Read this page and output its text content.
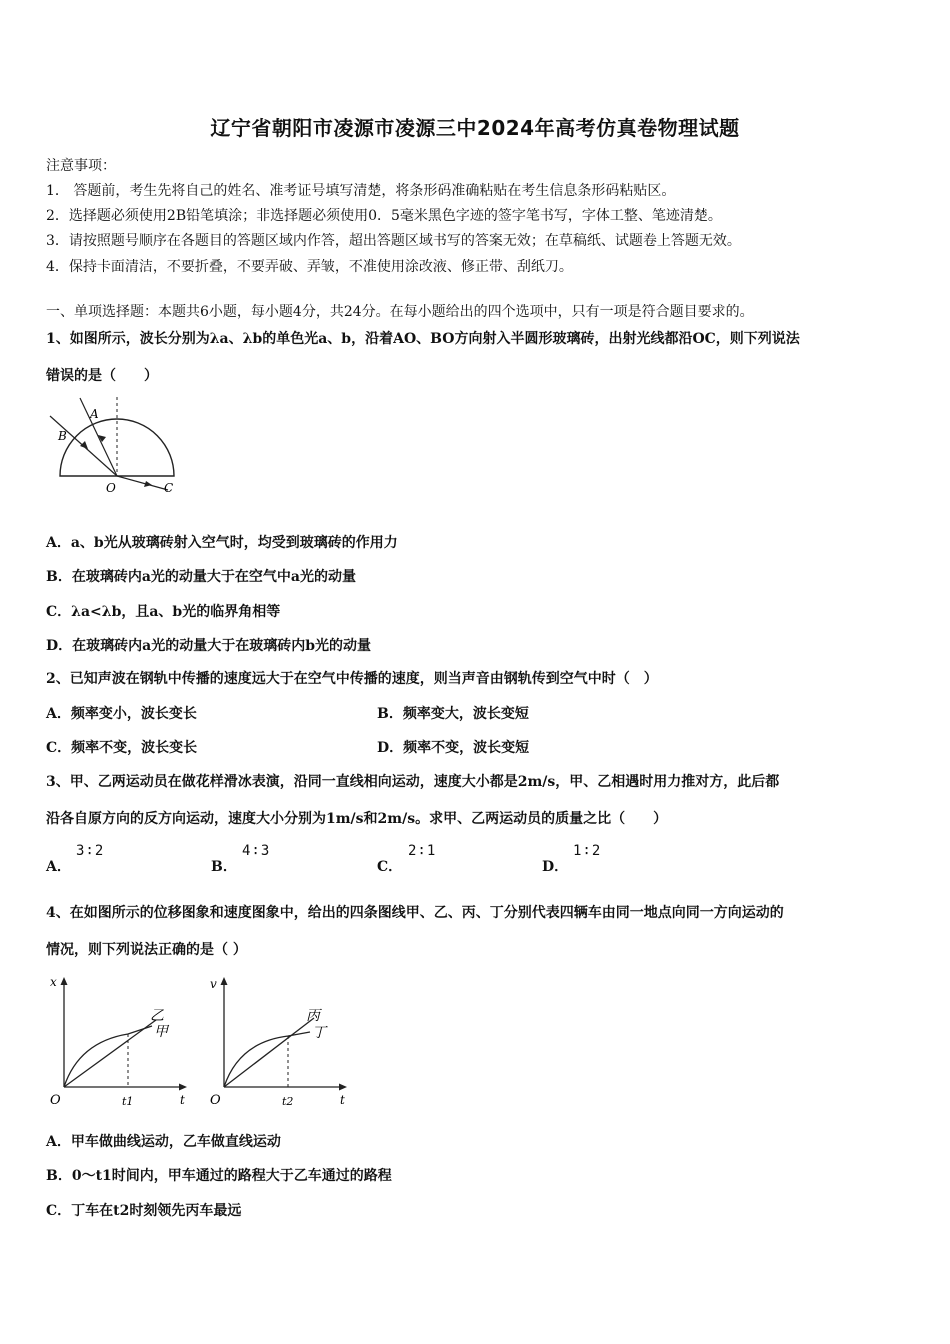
辽宁省朝阳市凌源市凌源三中2024年高考仿真卷物理试题
注意事项：
1． 答题前，考生先将自己的姓名、准考证号填写清楚，将条形码准确粘贴在考生信息条形码粘贴区。
2．选择题必须使用2B铅笔填涂；非选择题必须使用0．5毫米黑色字迹的签字笔书写，字体工整、笔迹清楚。
3．请按照题号顺序在各题目的答题区域内作答，超出答题区域书写的答案无效；在草稿纸、试题卷上答题无效。
4．保持卡面清洁，不要折叠，不要弄破、弄皱，不准使用涂改液、修正带、刮纸刀。
一、单项选择题：本题共6小题，每小题4分，共24分。在每小题给出的四个选项中，只有一项是符合题目要求的。
1、如图所示，波长分别为λa、λb的单色光a、b，沿着AO、BO方向射入半圆形玻璃砖，出射光线都沿OC，则下列说法
错误的是（　　）
A
B
O	C
A．a、b光从玻璃砖射入空气时，均受到玻璃砖的作用力
B．在玻璃砖内a光的动量大于在空气中a光的动量
C．λa<λb，且a、b光的临界角相等
D．在玻璃砖内a光的动量大于在玻璃砖内b光的动量
2、已知声波在钢轨中传播的速度远大于在空气中传播的速度，则当声音由钢轨传到空气中时（　）
A．频率变小，波长变长	B．频率变大，波长变短
C．频率不变，波长变长	D．频率不变，波长变短
3、甲、乙两运动员在做花样滑冰表演，沿同一直线相向运动，速度大小都是2m/s，甲、乙相遇时用力推对方，此后都
沿各自原方向的反方向运动，速度大小分别为1m/s和2m/s。求甲、乙两运动员的质量之比（　　）
A．
3∶2
B．
4∶3
C．
2∶1
D．
1∶2
4、在如图所示的位移图象和速度图象中，给出的四条图线甲、乙、丙、丁分别代表四辆车由同一地点向同一方向运动的
情况，则下列说法正确的是（ ）
x
t
O	t1
乙
甲
v
t
O	t2
丙
丁
A．甲车做曲线运动，乙车做直线运动
B．0～t1时间内，甲车通过的路程大于乙车通过的路程
C．丁车在t2时刻领先丙车最远
